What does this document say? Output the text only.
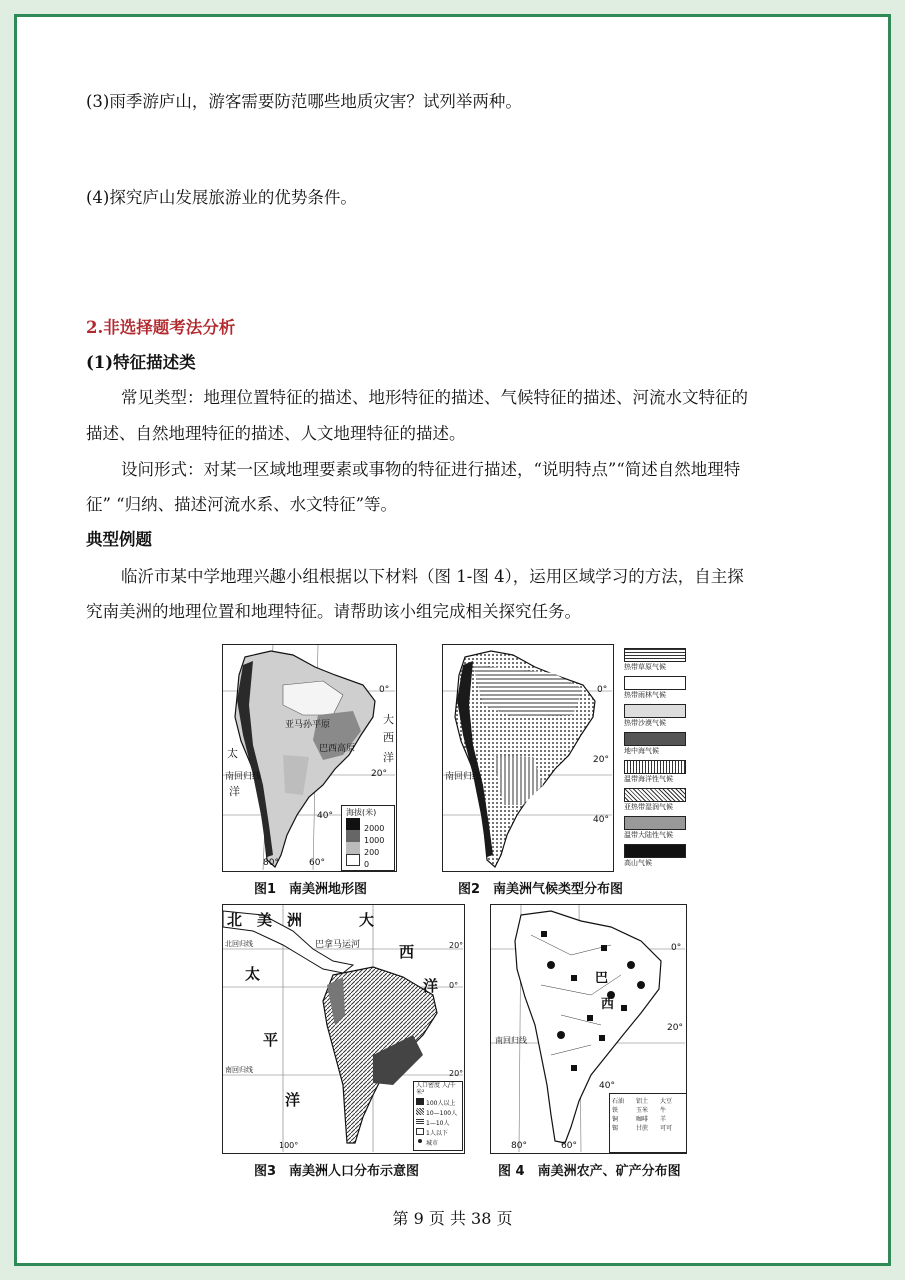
(3)雨季游庐山，游客需要防范哪些地质灾害？试列举两种。
(4)探究庐山发展旅游业的优势条件。
2.非选择题考法分析
(1)特征描述类
常见类型：地理位置特征的描述、地形特征的描述、气候特征的描述、河流水文特征的
描述、自然地理特征的描述、人文地理特征的描述。
设问形式：对某一区域地理要素或事物的特征进行描述，“说明特点”“简述自然地理特
征” “归纳、描述河流水系、水文特征”等。
典型例题
临沂市某中学地理兴趣小组根据以下材料（图 1-图 4），运用区域学习的方法，自主探
究南美洲的地理位置和地理特征。请帮助该小组完成相关探究任务。
亚马孙平原
巴西高原
南回归线
太
洋
大
西
洋
0°
20°
40°
80°	60°
海拔(米)
2000
1000
200
0
图1　南美洲地形图
南回归线
0°
20°
40°
热带草原气候
热带雨林气候
热带沙漠气候
地中海气候
温带海洋性气候
亚热带湿润气候
温带大陆性气候
高山气候
图2　南美洲气候类型分布图
北 美 洲	大
西
洋
太
平
洋
巴拿马运河
北回归线
南回归线
20°
0°
20°
100°
人口密度 人/千米²
100人以上
10—100人
1—10人
1人以下
城市
图3　南美洲人口分布示意图
巴
西
南回归线
0°
20°
40°
80°	60°
石油
铁
铜
锡
铝土
玉米
咖啡
甘蔗
大豆
牛
羊
可可
图 4　南美洲农产、矿产分布图
第 9 页 共 38 页
